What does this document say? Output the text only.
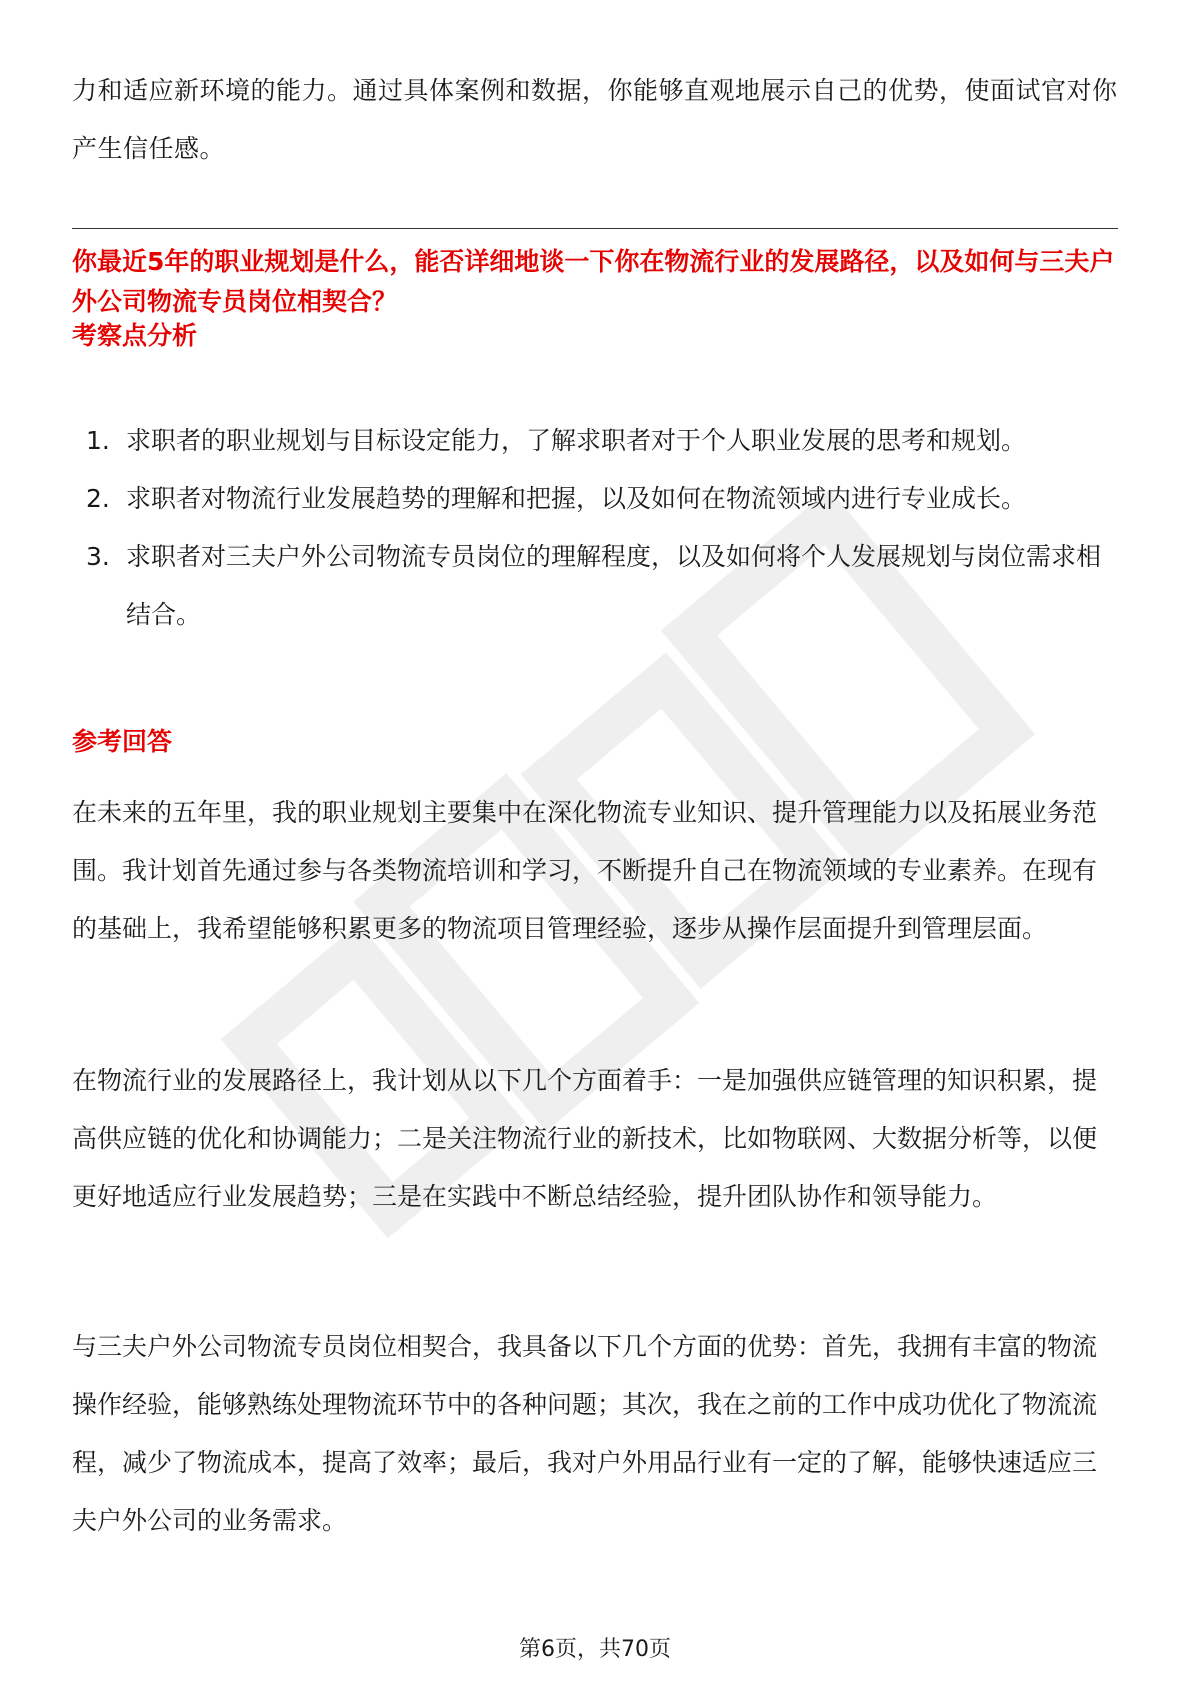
力和适应新环境的能力。通过具体案例和数据，你能够直观地展示自己的优势，使面试官对你产生信任感。

你最近5年的职业规划是什么，能否详细地谈一下你在物流行业的发展路径，以及如何与三夫户外公司物流专员岗位相契合？
考察点分析
1. 求职者的职业规划与目标设定能力，了解求职者对于个人职业发展的思考和规划。
2. 求职者对物流行业发展趋势的理解和把握，以及如何在物流领域内进行专业成长。
3. 求职者对三夫户外公司物流专员岗位的理解程度，以及如何将个人发展规划与岗位需求相结合。
参考回答

在未来的五年里，我的职业规划主要集中在深化物流专业知识、提升管理能力以及拓展业务范围。我计划首先通过参与各类物流培训和学习，不断提升自己在物流领域的专业素养。在现有的基础上，我希望能够积累更多的物流项目管理经验，逐步从操作层面提升到管理层面。

在物流行业的发展路径上，我计划从以下几个方面着手：一是加强供应链管理的知识积累，提高供应链的优化和协调能力；二是关注物流行业的新技术，比如物联网、大数据分析等，以便更好地适应行业发展趋势；三是在实践中不断总结经验，提升团队协作和领导能力。

与三夫户外公司物流专员岗位相契合，我具备以下几个方面的优势：首先，我拥有丰富的物流操作经验，能够熟练处理物流环节中的各种问题；其次，我在之前的工作中成功优化了物流流程，减少了物流成本，提高了效率；最后，我对户外用品行业有一定的了解，能够快速适应三夫户外公司的业务需求。

第6页，共70页
